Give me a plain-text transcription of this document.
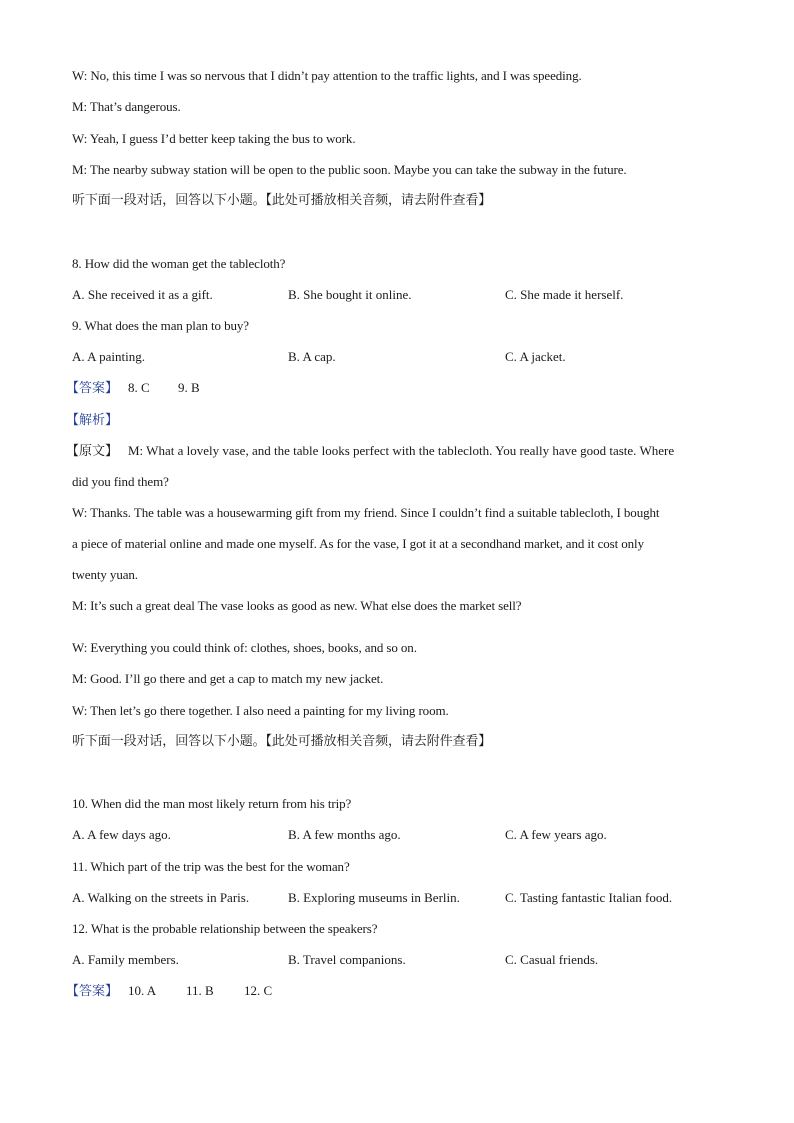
W: No, this time I was so nervous that I didn’t pay attention to the traffic lights, and I was speeding.
M: That’s dangerous.
W: Yeah, I guess I’d better keep taking the bus to work.
M: The nearby subway station will be open to the public soon. Maybe you can take the subway in the future.
听下面一段对话，回答以下小题。【此处可播放相关音频，请去附件查看】
8. How did the woman get the tablecloth?
A. She received it as a gift.	B. She bought it online.	C. She made it herself.
9. What does the man plan to buy?
A. A painting.	B. A cap.	C. A jacket.
【答案】 8. C 9. B
【解析】
【原文】 M: What a lovely vase, and the table looks perfect with the tablecloth. You really have good taste. Where
did you find them?
W: Thanks. The table was a housewarming gift from my friend. Since I couldn’t find a suitable tablecloth, I bought
a piece of material online and made one myself. As for the vase, I got it at a secondhand market, and it cost only
twenty yuan.
M: It’s such a great deal The vase looks as good as new. What else does the market sell?
W: Everything you could think of: clothes, shoes, books, and so on.
M: Good. I’ll go there and get a cap to match my new jacket.
W: Then let’s go there together. I also need a painting for my living room.
听下面一段对话，回答以下小题。【此处可播放相关音频，请去附件查看】
10. When did the man most likely return from his trip?
A. A few days ago.	B. A few months ago.	C. A few years ago.
11. Which part of the trip was the best for the woman?
A. Walking on the streets in Paris.	B. Exploring museums in Berlin.	C. Tasting fantastic Italian food.
12. What is the probable relationship between the speakers?
A. Family members.	B. Travel companions.	C. Casual friends.
【答案】 10. A 11. B 12. C
